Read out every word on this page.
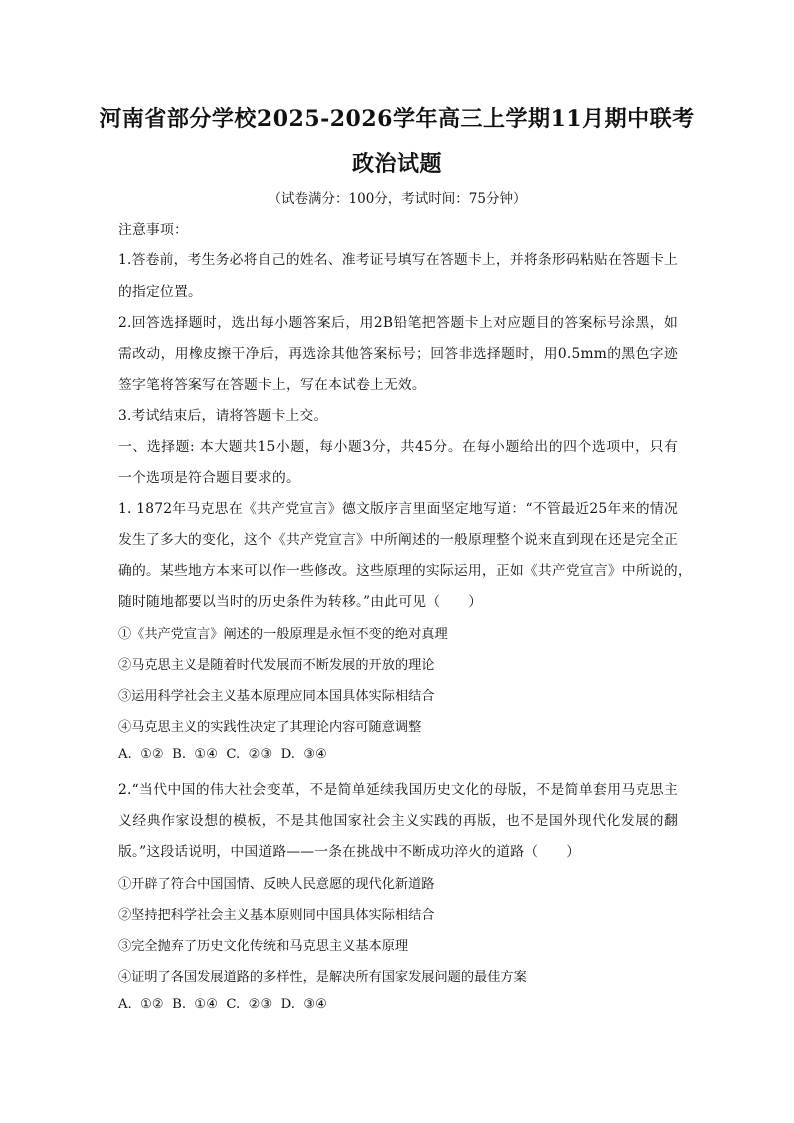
河南省部分学校2025-2026学年高三上学期11月期中联考
政治试题
（试卷满分：100分，考试时间：75分钟）
注意事项：
1.答卷前，考生务必将自己的姓名、准考证号填写在答题卡上，并将条形码粘贴在答题卡上
的指定位置。
2.回答选择题时，选出每小题答案后，用2B铅笔把答题卡上对应题目的答案标号涂黑，如
需改动，用橡皮擦干净后，再选涂其他答案标号；回答非选择题时，用0.5mm的黑色字迹
签字笔将答案写在答题卡上，写在本试卷上无效。
3.考试结束后，请将答题卡上交。
一、选择题: 本大题共15小题，每小题3分，共45分。在每小题给出的四个选项中，只有
一个选项是符合题目要求的。
1. 1872年马克思在《共产党宣言》德文版序言里面坚定地写道：“不管最近25年来的情况
发生了多大的变化，这个《共产党宣言》中所阐述的一般原理整个说来直到现在还是完全正
确的。某些地方本来可以作一些修改。这些原理的实际运用，正如《共产党宣言》中所说的，
随时随地都要以当时的历史条件为转移。”由此可见（　　）
①《共产党宣言》阐述的一般原理是永恒不变的绝对真理
②马克思主义是随着时代发展而不断发展的开放的理论
③运用科学社会主义基本原理应同本国具体实际相结合
④马克思主义的实践性决定了其理论内容可随意调整
A.  ①②  B.  ①④  C.  ②③  D.  ③④
2.“当代中国的伟大社会变革，不是简单延续我国历史文化的母版，不是简单套用马克思主
义经典作家设想的模板，不是其他国家社会主义实践的再版，也不是国外现代化发展的翻
版。”这段话说明，中国道路——一条在挑战中不断成功淬火的道路（　　）
①开辟了符合中国国情、反映人民意愿的现代化新道路
②坚持把科学社会主义基本原则同中国具体实际相结合
③完全抛弃了历史文化传统和马克思主义基本原理
④证明了各国发展道路的多样性，是解决所有国家发展问题的最佳方案
A.  ①②  B.  ①④  C.  ②③  D.  ③④
